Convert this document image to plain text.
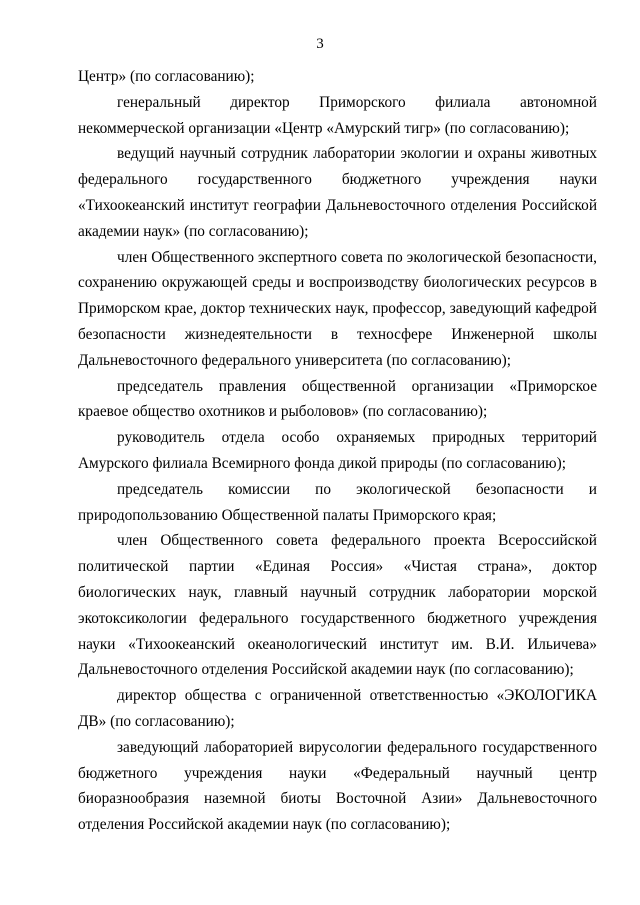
3

Центр» (по согласованию);

генеральный директор Приморского филиала автономной некоммерческой организации «Центр «Амурский тигр» (по согласованию);

ведущий научный сотрудник лаборатории экологии и охраны животных федерального государственного бюджетного учреждения науки «Тихоокеанский институт географии Дальневосточного отделения Российской академии наук» (по согласованию);

член Общественного экспертного совета по экологической безопасности, сохранению окружающей среды и воспроизводству биологических ресурсов в Приморском крае, доктор технических наук, профессор, заведующий кафедрой безопасности жизнедеятельности в техносфере Инженерной школы Дальневосточного федерального университета (по согласованию);

председатель правления общественной организации «Приморское краевое общество охотников и рыболовов» (по согласованию);

руководитель отдела особо охраняемых природных территорий Амурского филиала Всемирного фонда дикой природы (по согласованию);

председатель комиссии по экологической безопасности и природопользованию Общественной палаты Приморского края;

член Общественного совета федерального проекта Всероссийской политической партии «Единая Россия» «Чистая страна», доктор биологических наук, главный научный сотрудник лаборатории морской экотоксикологии федерального государственного бюджетного учреждения науки «Тихоокеанский океанологический институт им. В.И. Ильичева» Дальневосточного отделения Российской академии наук (по согласованию);

директор общества с ограниченной ответственностью «ЭКОЛОГИКА ДВ» (по согласованию);

заведующий лабораторией вирусологии федерального государственного бюджетного учреждения науки «Федеральный научный центр биоразнообразия наземной биоты Восточной Азии» Дальневосточного отделения Российской академии наук (по согласованию);
